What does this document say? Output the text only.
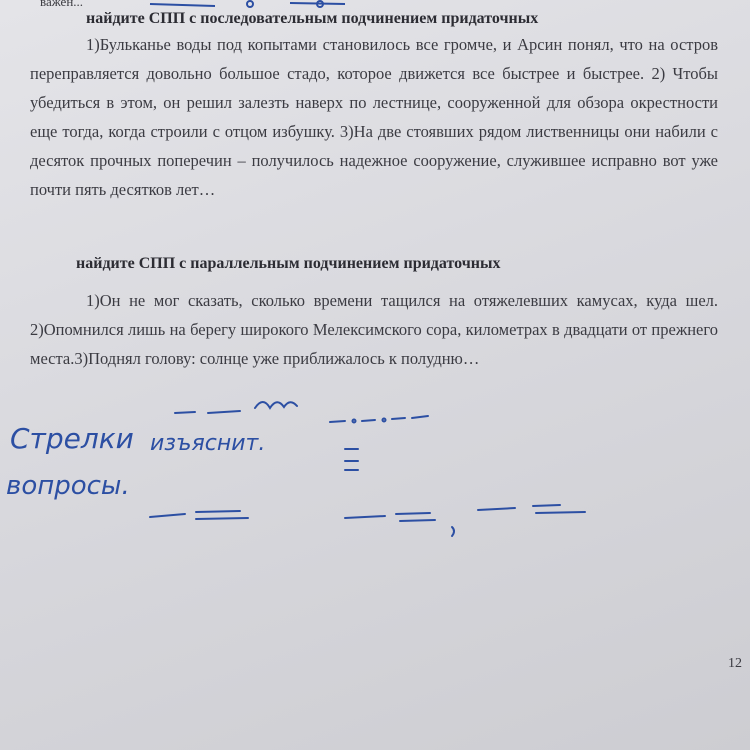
важен...
найдите СПП с последовательным подчинением придаточных
1)Бульканье воды под копытами становилось все громче, и Арсин понял, что на остров переправляется довольно большое стадо, которое движется все быстрее и быстрее. 2) Чтобы убедиться в этом, он решил залезть наверх по лестнице, сооруженной для обзора окрестности еще тогда, когда строили с отцом избушку. 3)На две стоявших рядом лиственницы они набили с десяток прочных поперечин – получилось надежное сооружение, служившее исправно вот уже почти пять десятков лет…
найдите СПП с параллельным подчинением придаточных
1)Он не мог сказать, сколько времени тащился на отяжелевших камусах, куда шел. 2)Опомнился лишь на берегу широкого Мелексимского сора, километрах в двадцати от прежнего места.3)Поднял голову: солнце уже приближалось к полудню…
Стрелки изъяснит.
вопросы.
12
